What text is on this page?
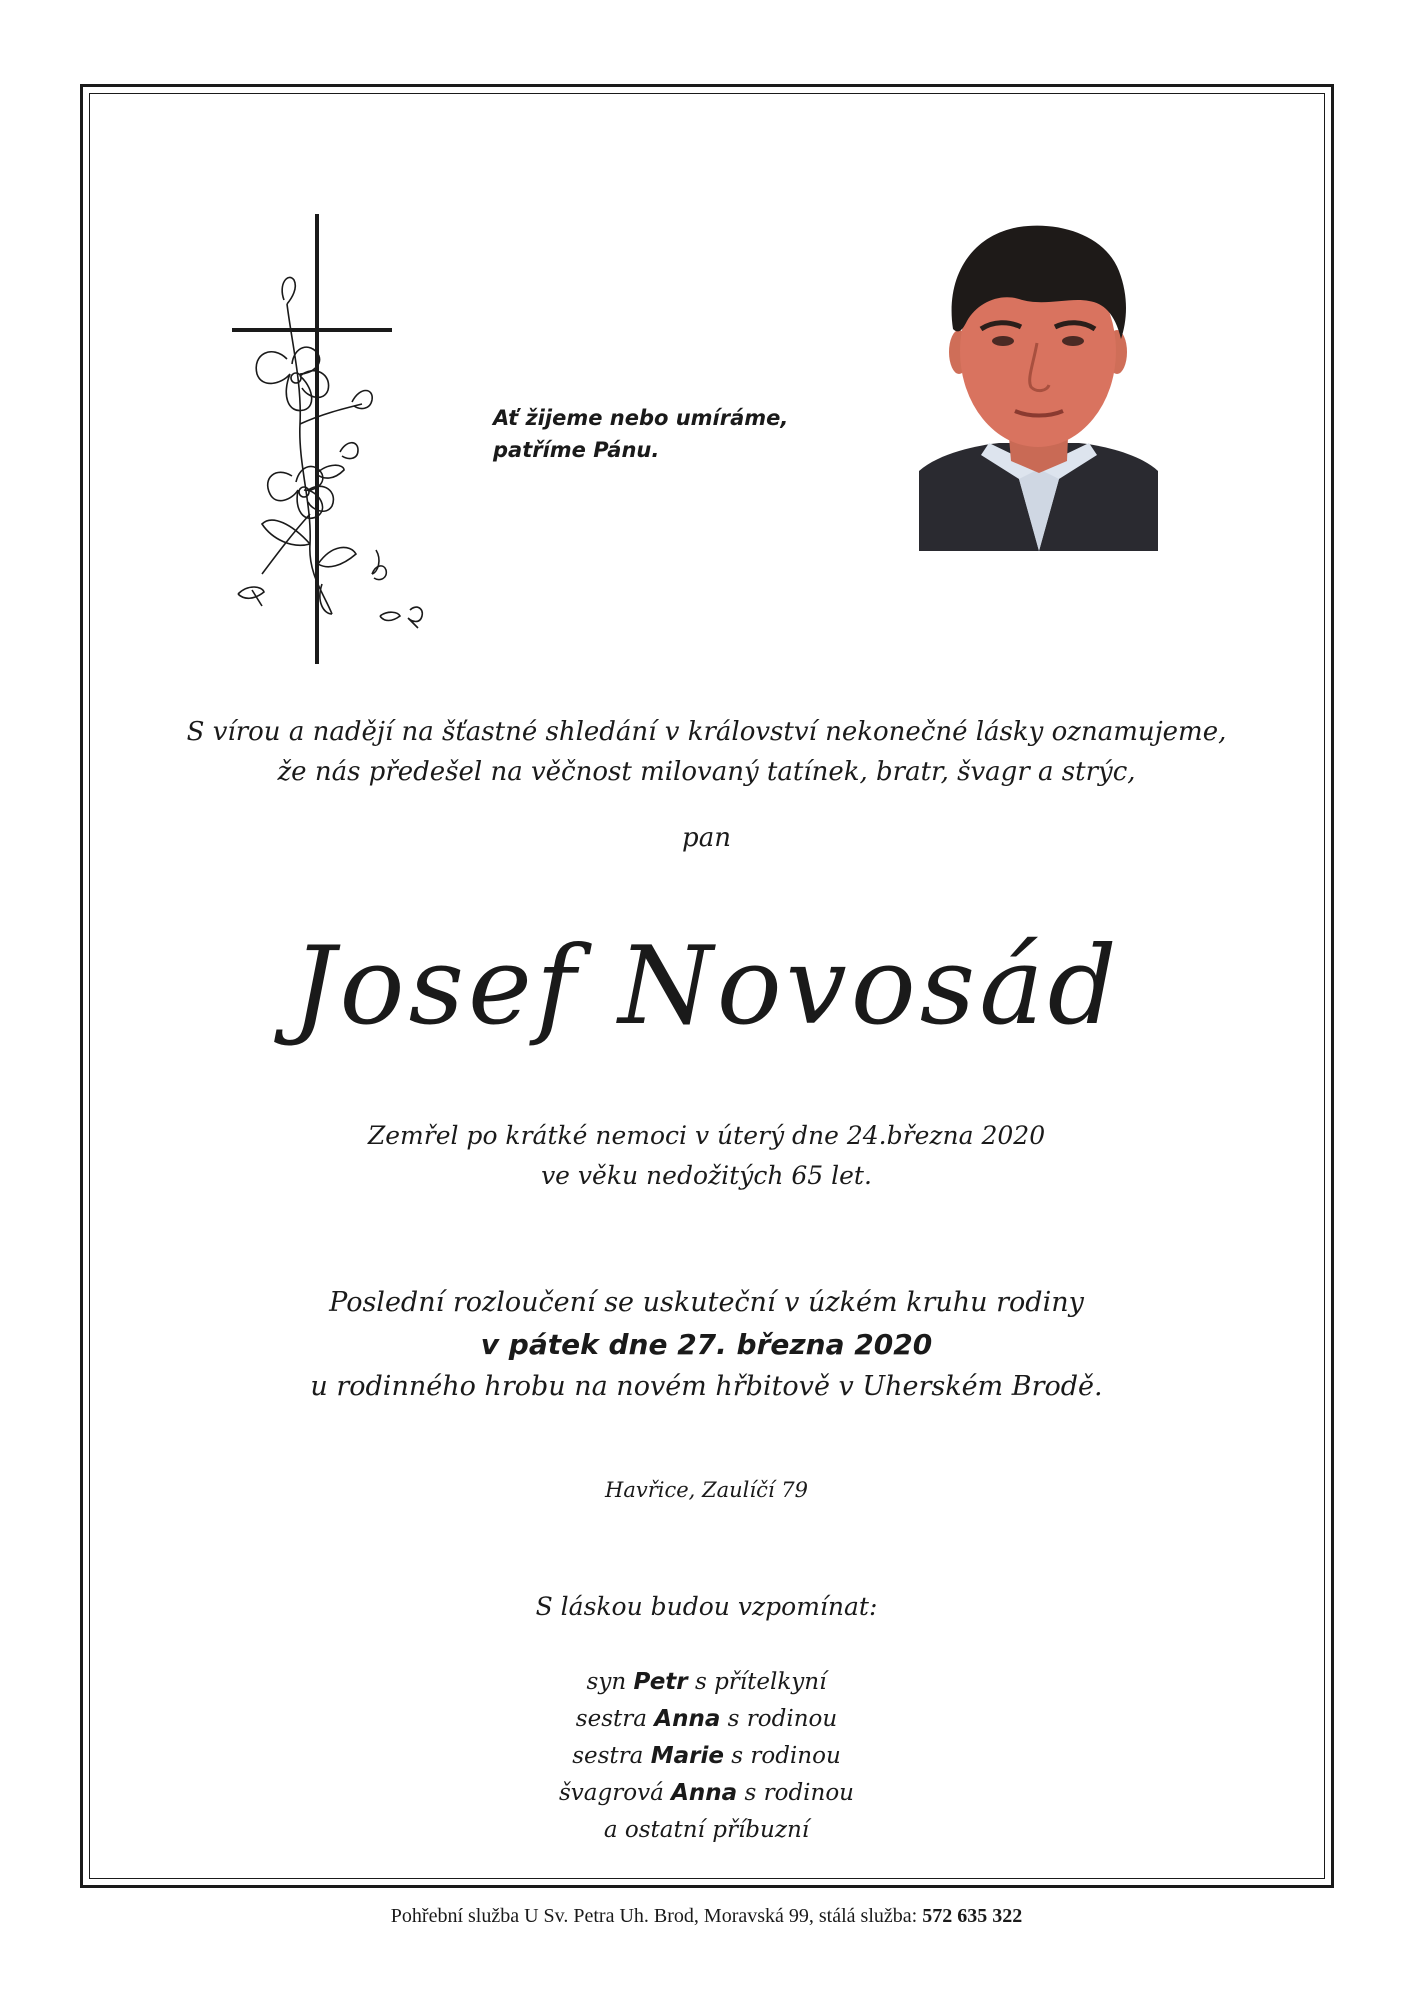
Ať žijeme nebo umíráme,
patříme Pánu.
S vírou a nadějí na šťastné shledání v království nekonečné lásky oznamujeme,
že nás předešel na věčnost milovaný tatínek, bratr, švagr a strýc,
pan
Josef Novosád
Zemřel po krátké nemoci v úterý dne 24.března 2020
ve věku nedožitých 65 let.
Poslední rozloučení se uskuteční v úzkém kruhu rodiny
v pátek dne 27. března 2020
u rodinného hrobu na novém hřbitově v Uherském Brodě.
Havřice, Zaulíčí 79
S láskou budou vzpomínat:
syn Petr s přítelkyní
sestra Anna s rodinou
sestra Marie s rodinou
švagrová Anna s rodinou
a ostatní příbuzní
Pohřební služba U Sv. Petra Uh. Brod, Moravská 99, stálá služba: 572 635 322
